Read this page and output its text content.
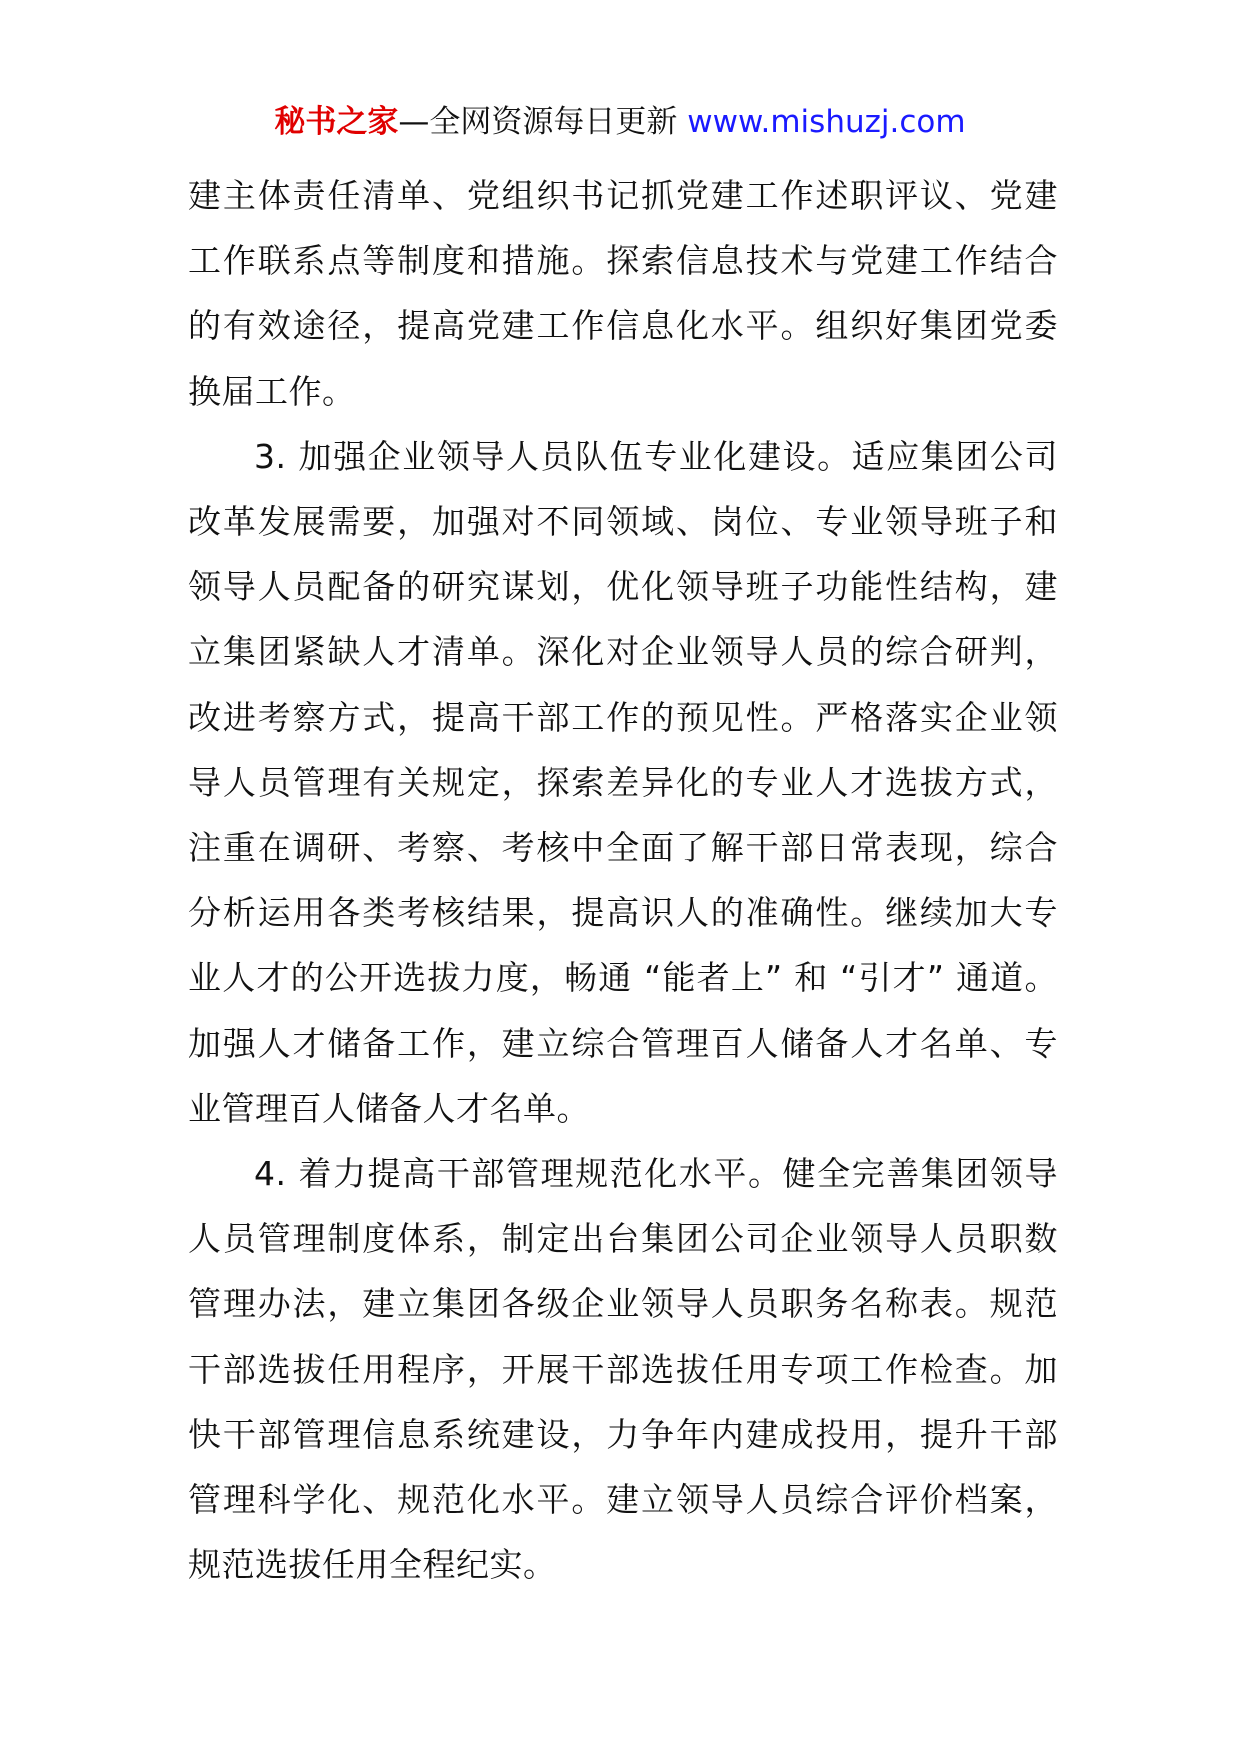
秘书之家—全网资源每日更新 www.mishuzj.com

建主体责任清单、党组织书记抓党建工作述职评议、党建工作联系点等制度和措施。探索信息技术与党建工作结合的有效途径，提高党建工作信息化水平。组织好集团党委换届工作。

3. 加强企业领导人员队伍专业化建设。适应集团公司改革发展需要，加强对不同领域、岗位、专业领导班子和领导人员配备的研究谋划，优化领导班子功能性结构，建立集团紧缺人才清单。深化对企业领导人员的综合研判，改进考察方式，提高干部工作的预见性。严格落实企业领导人员管理有关规定，探索差异化的专业人才选拔方式，注重在调研、考察、考核中全面了解干部日常表现，综合分析运用各类考核结果，提高识人的准确性。继续加大专业人才的公开选拔力度，畅通 “能者上” 和 “引才” 通道。加强人才储备工作，建立综合管理百人储备人才名单、专业管理百人储备人才名单。

4. 着力提高干部管理规范化水平。健全完善集团领导人员管理制度体系，制定出台集团公司企业领导人员职数管理办法，建立集团各级企业领导人员职务名称表。规范干部选拔任用程序，开展干部选拔任用专项工作检查。加快干部管理信息系统建设，力争年内建成投用，提升干部管理科学化、规范化水平。建立领导人员综合评价档案，规范选拔任用全程纪实。
